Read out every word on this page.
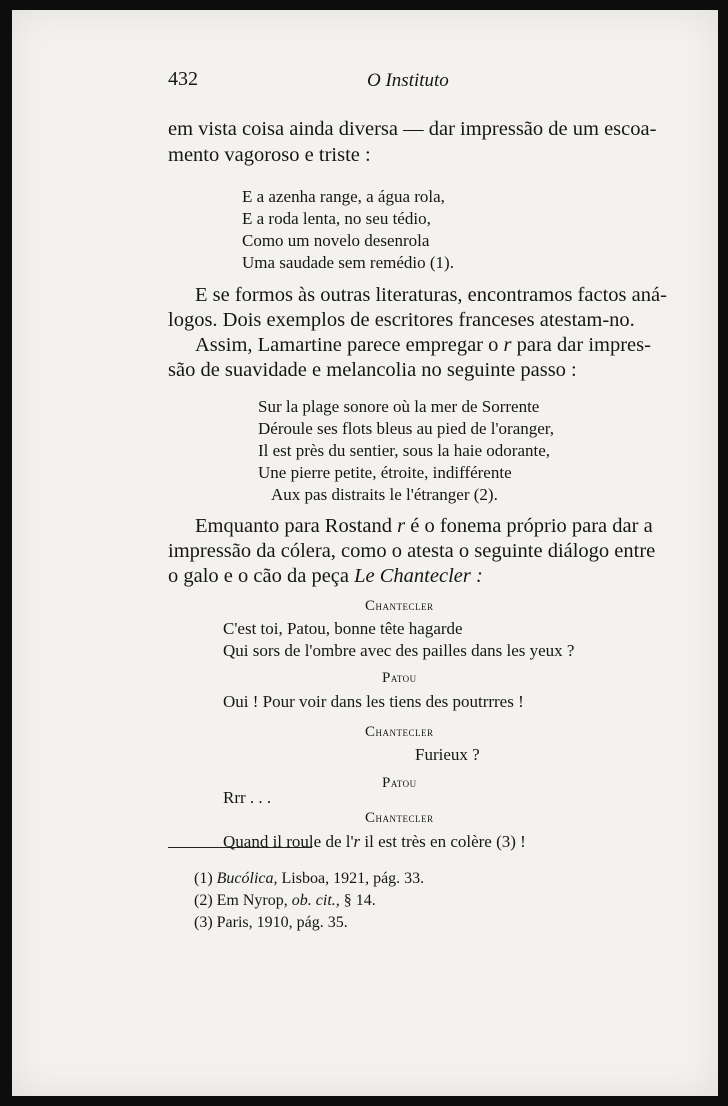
432	O Instituto
em vista coisa ainda diversa — dar impressão de um escoa-
mento vagoroso e triste :
E a azenha range, a água rola,
E a roda lenta, no seu tédio,
Como um novelo desenrola
Uma saudade sem remédio (1).
E se formos às outras literaturas, encontramos factos aná-
logos. Dois exemplos de escritores franceses atestam-no.
Assim, Lamartine parece empregar o r para dar impres-
são de suavidade e melancolia no seguinte passo :
Sur la plage sonore où la mer de Sorrente
Déroule ses flots bleus au pied de l'oranger,
Il est près du sentier, sous la haie odorante,
Une pierre petite, étroite, indifférente
Aux pas distraits le l'étranger (2).
Emquanto para Rostand r é o fonema próprio para dar a
impressão da cólera, como o atesta o seguinte diálogo entre
o galo e o cão da peça Le Chantecler :
Chantecler
C'est toi, Patou, bonne tête hagarde
Qui sors de l'ombre avec des pailles dans les yeux ?
Patou
Oui ! Pour voir dans les tiens des poutrrres !
Chantecler
Furieux ?
Patou
Rrr . . .
Chantecler
Quand il roule de l'r il est très en colère (3) !
(1) Bucólica, Lisboa, 1921, pág. 33.
(2) Em Nyrop, ob. cit., § 14.
(3) Paris, 1910, pág. 35.
